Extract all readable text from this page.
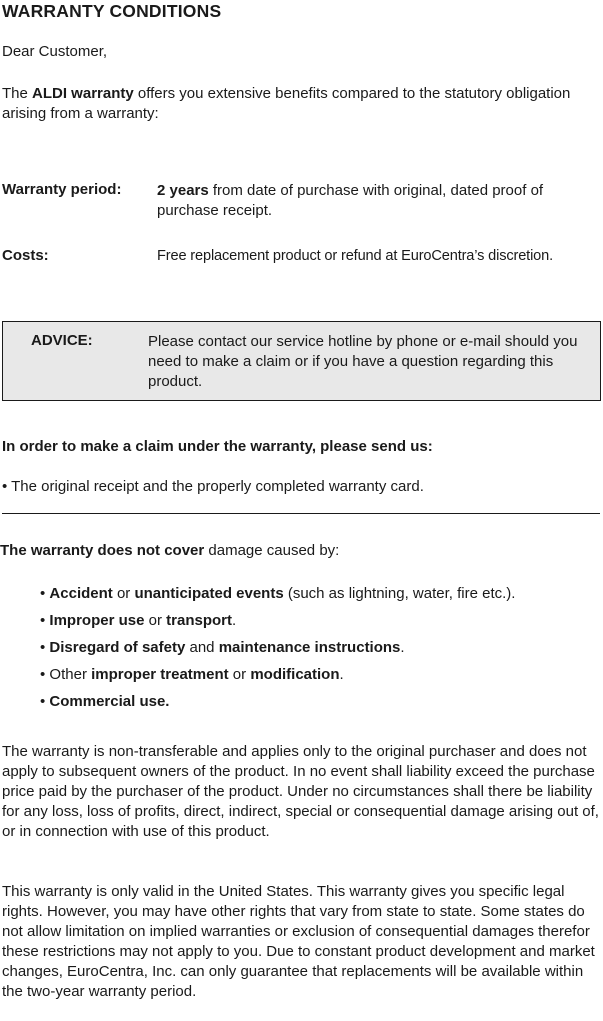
WARRANTY CONDITIONS
Dear Customer,
The ALDI warranty offers you extensive benefits compared to the statutory obligation arising from a warranty:
Warranty period: 2 years from date of purchase with original, dated proof of purchase receipt.
Costs:	Free replacement product or refund at EuroCentra’s discretion.
ADVICE:	Please contact our service hotline by phone or e-mail should you need to make a claim or if you have a question regarding this product.
In order to make a claim under the warranty, please send us:
• The original receipt and the properly completed warranty card.
The warranty does not cover damage caused by:
• Accident or unanticipated events (such as lightning, water, fire etc.).
• Improper use or transport.
• Disregard of safety and maintenance instructions.
• Other improper treatment or modification.
• Commercial use.
The warranty is non-transferable and applies only to the original purchaser and does not apply to subsequent owners of the product. In no event shall liability exceed the purchase price paid by the purchaser of the product. Under no circumstances shall there be liability for any loss, loss of profits, direct, indirect, special or consequential damage arising out of, or in connection with use of this product.
This warranty is only valid in the United States. This warranty gives you specific legal rights. However, you may have other rights that vary from state to state. Some states do not allow limitation on implied warranties or exclusion of consequential damages therefor these restrictions may not apply to you. Due to constant product development and market changes, EuroCentra, Inc. can only guarantee that replacements will be available within the two-year warranty period.
